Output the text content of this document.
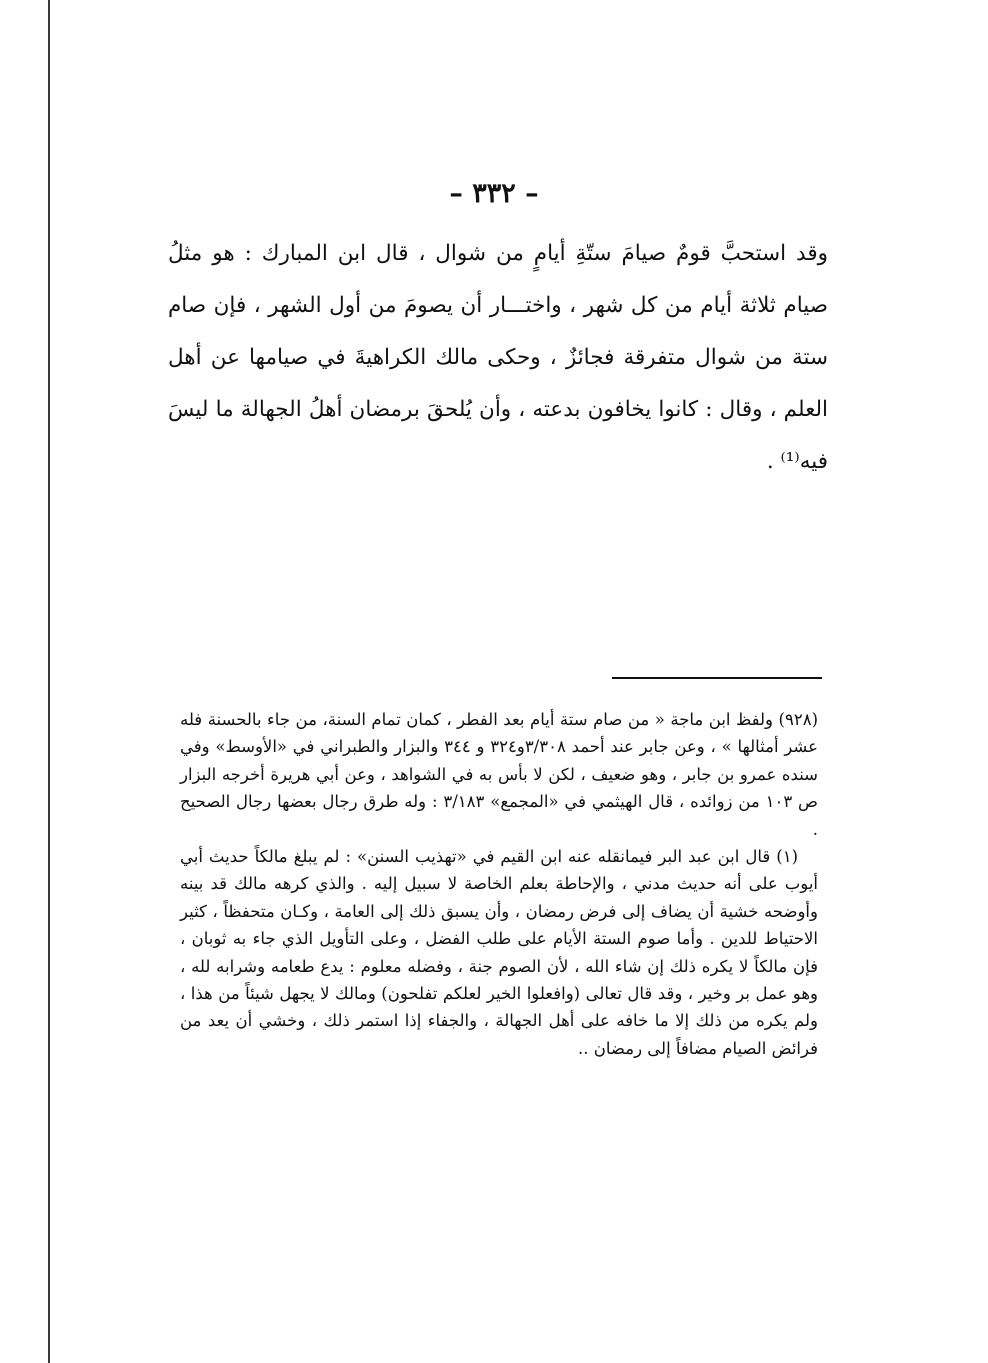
– ٣٣٢ –

وقد استحبَّ قومٌ صيامَ ستّةِ أيامٍ من شوال ، قال ابن المبارك : هو مثلُ صيام ثلاثة أيام من كل شهر ، واختـــار أن يصومَ من أول الشهر ، فإن صام ستة من شوال متفرقة فجائزٌ ، وحكى مالك الكراهيةَ في صيامها عن أهل العلم ، وقال : كانوا يخافون بدعته ، وأن يُلحقَ برمضان أهلُ الجهالة ما ليسَ فيه⁽¹⁾ .

(٩٢٨) ولفظ ابن ماجة « من صام ستة أيام بعد الفطر ، كمان تمام السنة، من جاء بالحسنة فله عشر أمثالها » ، وعن جابر عند أحمد ٣/٣٠٨و٣٢٤ و ٣٤٤ والبزار والطبراني في «الأوسط» وفي سنده عمرو بن جابر ، وهو ضعيف ، لكن لا بأس به في الشواهد ، وعن أبي هريرة أخرجه البزار ص ١٠٣ من زوائده ، قال الهيثمي في «المجمع» ٣/١٨٣ : وله طرق رجال بعضها رجال الصحيح .

(١) قال ابن عبد البر فيمانقله عنه ابن القيم في «تهذيب السنن» : لم يبلغ مالكاً حديث أبي أيوب على أنه حديث مدني ، والإحاطة بعلم الخاصة لا سبيل إليه . والذي كرهه مالك قد بينه وأوضحه خشية أن يضاف إلى فرض رمضان ، وأن يسبق ذلك إلى العامة ، وكـان متحفظاً ، كثير الاحتياط للدين . وأما صوم الستة الأيام على طلب الفضل ، وعلى التأويل الذي جاء به ثوبان ، فإن مالكاً لا يكره ذلك إن شاء الله ، لأن الصوم جنة ، وفضله معلوم : يدع طعامه وشرابه لله ، وهو عمل بر وخير ، وقد قال تعالى (وافعلوا الخير لعلكم تفلحون) ومالك لا يجهل شيئاً من هذا ، ولم يكره من ذلك إلا ما خافه على أهل الجهالة ، والجفاء إذا استمر ذلك ، وخشي أن يعد من فرائض الصيام مضافاً إلى رمضان ..
